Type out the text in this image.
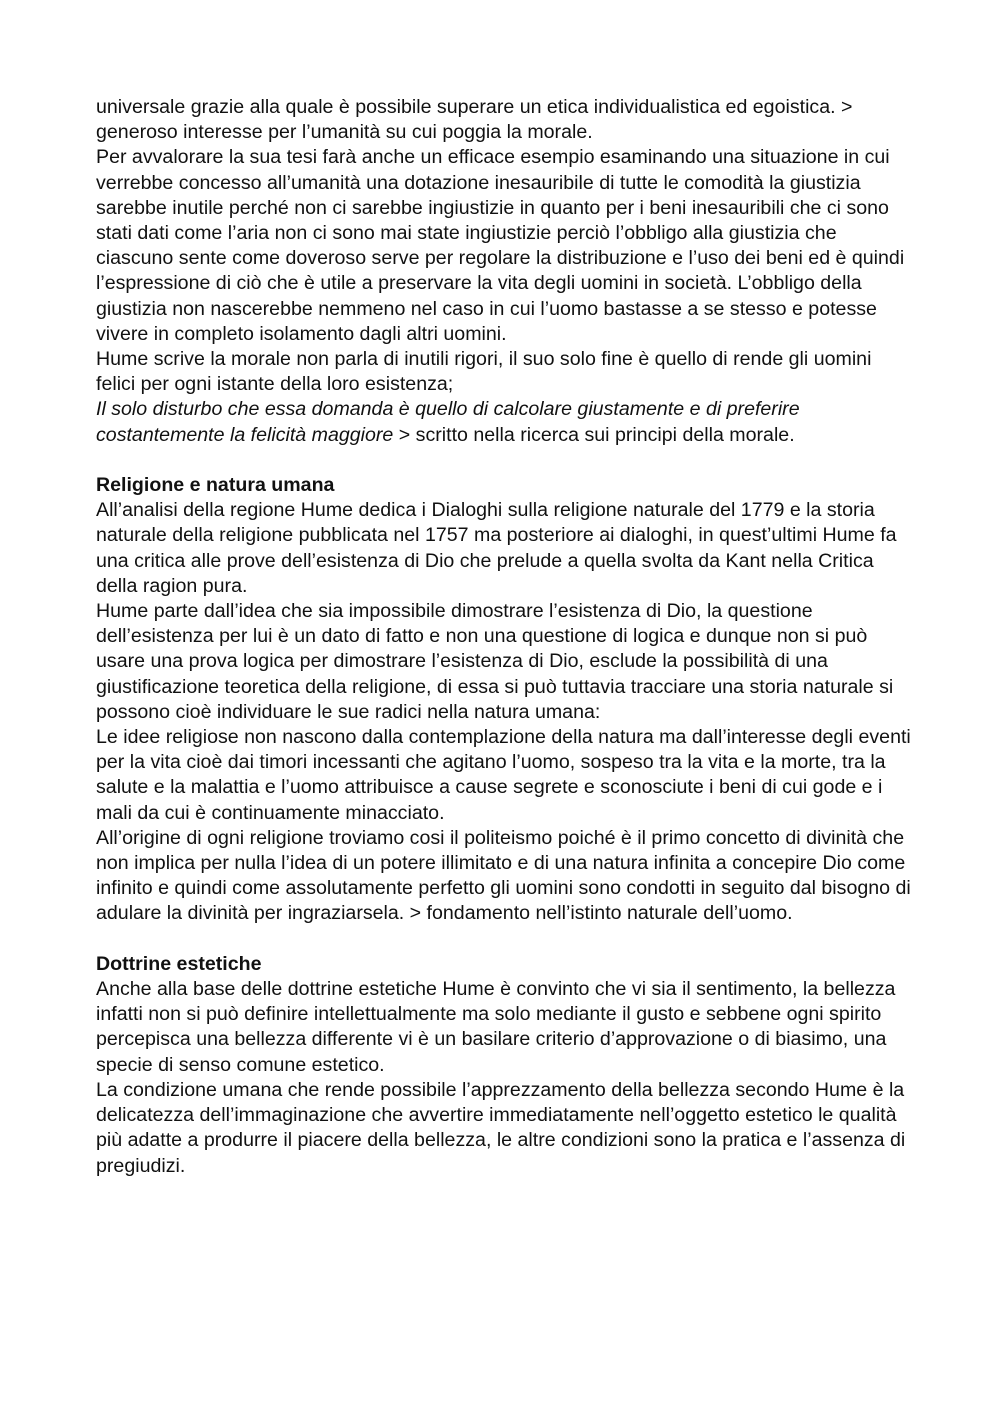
universale grazie alla quale è possibile superare un etica individualistica ed egoistica. > generoso interesse per l’umanità su cui poggia la morale.

Per avvalorare la sua tesi farà anche un efficace esempio esaminando una situazione in cui verrebbe concesso all’umanità una dotazione inesauribile di tutte le comodità la giustizia sarebbe inutile perché non ci sarebbe ingiustizie in quanto per i beni inesauribili che ci sono stati dati come l’aria non ci sono mai state ingiustizie perciò l’obbligo alla giustizia che ciascuno sente come doveroso serve per regolare la distribuzione e l’uso dei beni ed è quindi l’espressione di ciò che è utile a preservare la vita degli uomini in società. L’obbligo della giustizia non nascerebbe nemmeno nel caso in cui l’uomo bastasse a se stesso e potesse vivere in completo isolamento dagli altri uomini.

Hume scrive la morale non parla di inutili rigori, il suo solo fine è quello di rende gli uomini felici per ogni istante della loro esistenza;

Il solo disturbo che essa domanda è quello di calcolare giustamente e di preferire costantemente la felicità maggiore > scritto nella ricerca sui principi della morale.

Religione e natura umana

All’analisi della regione Hume dedica i Dialoghi sulla religione naturale del 1779 e la storia naturale della religione pubblicata nel 1757 ma posteriore ai dialoghi, in quest’ultimi Hume fa una critica alle prove dell’esistenza di Dio che prelude a quella svolta da Kant nella Critica della ragion pura.

Hume parte dall’idea che sia impossibile dimostrare l’esistenza di Dio, la questione dell’esistenza per lui è un dato di fatto e non una questione di logica e dunque non si può usare una prova logica per dimostrare l’esistenza di Dio, esclude la possibilità di una giustificazione teoretica della religione, di essa si può tuttavia tracciare una storia naturale si possono cioè individuare le sue radici nella natura umana:

Le idee religiose non nascono dalla contemplazione della natura ma dall’interesse degli eventi per la vita cioè dai timori incessanti che agitano l’uomo, sospeso tra la vita e la morte, tra la salute e la malattia e l’uomo attribuisce a cause segrete e sconosciute i beni di cui gode e i mali da cui è continuamente minacciato.

All’origine di ogni religione troviamo cosi il politeismo poiché è il primo concetto di divinità che non implica per nulla l’idea di un potere illimitato e di una natura infinita a concepire Dio come infinito e quindi come assolutamente perfetto gli uomini sono condotti in seguito dal bisogno di adulare la divinità per ingraziarsela. > fondamento nell’istinto naturale dell’uomo.

Dottrine estetiche

Anche alla base delle dottrine estetiche Hume è convinto che vi sia il sentimento, la bellezza infatti non si può definire intellettualmente ma solo mediante il gusto e sebbene ogni spirito percepisca una bellezza differente vi è un basilare criterio d’approvazione o di biasimo, una specie di senso comune estetico.

La condizione umana che rende possibile l’apprezzamento della bellezza secondo Hume è la delicatezza dell’immaginazione che avvertire immediatamente nell’oggetto estetico le qualità più adatte a produrre il piacere della bellezza, le altre condizioni sono la pratica e l’assenza di pregiudizi.
